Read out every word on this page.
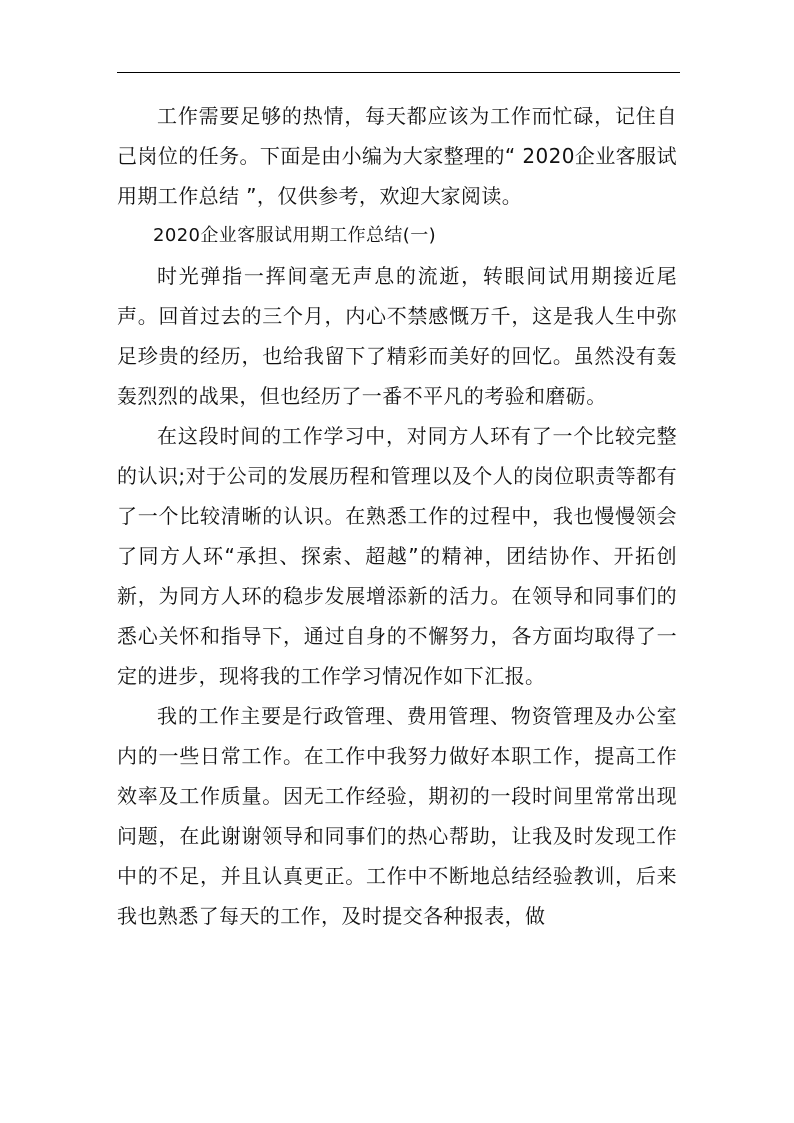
工作需要足够的热情，每天都应该为工作而忙碌，记住自己岗位的任务。下面是由小编为大家整理的“ 2020企业客服试用期工作总结 ”，仅供参考，欢迎大家阅读。

2020企业客服试用期工作总结(一)

时光弹指一挥间毫无声息的流逝，转眼间试用期接近尾声。回首过去的三个月，内心不禁感慨万千，这是我人生中弥足珍贵的经历，也给我留下了精彩而美好的回忆。虽然没有轰轰烈烈的战果，但也经历了一番不平凡的考验和磨砺。

在这段时间的工作学习中，对同方人环有了一个比较完整的认识;对于公司的发展历程和管理以及个人的岗位职责等都有了一个比较清晰的认识。在熟悉工作的过程中，我也慢慢领会了同方人环“承担、探索、超越”的精神，团结协作、开拓创新，为同方人环的稳步发展增添新的活力。在领导和同事们的悉心关怀和指导下，通过自身的不懈努力，各方面均取得了一定的进步，现将我的工作学习情况作如下汇报。

我的工作主要是行政管理、费用管理、物资管理及办公室内的一些日常工作。在工作中我努力做好本职工作，提高工作效率及工作质量。因无工作经验，期初的一段时间里常常出现问题，在此谢谢领导和同事们的热心帮助，让我及时发现工作中的不足，并且认真更正。工作中不断地总结经验教训，后来我也熟悉了每天的工作，及时提交各种报表，做
